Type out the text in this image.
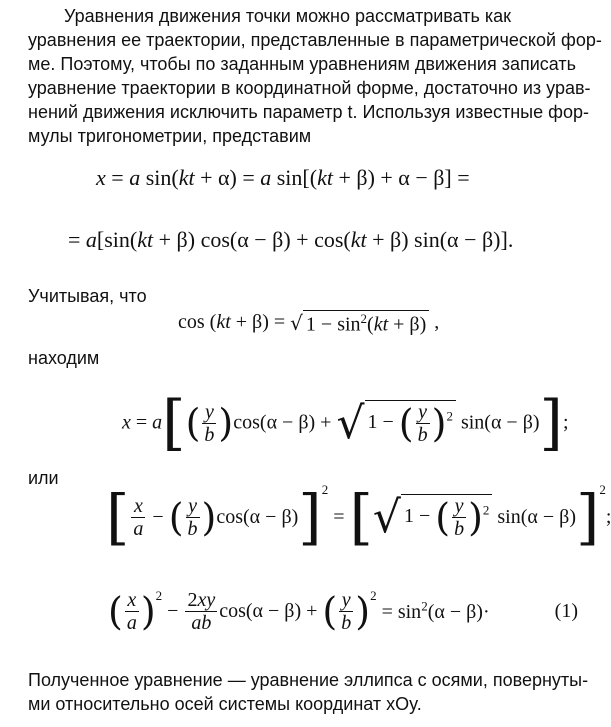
Уравнения движения точки можно рассматривать как
уравнения ее траектории, представленные в параметрической фор-
ме. Поэтому, чтобы по заданным уравнениям движения записать
уравнение траектории в координатной форме, достаточно из урав-
нений движения исключить параметр t. Используя известные фор-
мулы тригонометрии, представим
x = a sin(kt + α) = a sin[(kt + β) + α − β] =
= a[sin(kt + β) cos(α − β) + cos(kt + β) sin(α − β)].
Учитывая, что
cos (kt + β) = √ $1 - \sin^2(kt + \beta)$ ,
находим
$x = a[( \frac{y}{b} )\cos(\alpha - \beta)$ + √ 1 − ( $\frac{y}{b} )^2$ sin(α − β)];
или
[ $\frac{x}{a}$ − ( $\frac{y}{b} )\cos(\alpha - \beta)]^2$ = [√ 1 − ( $\frac{y}{b} )^2$ sin(α − β)]$^2$;
( $\frac{x}{a} )^2 - \frac{2xy}{ab} \cos(\alpha - \beta)$ + ( $\frac{y}{b} )^2 = \sin^2(\alpha - \beta)\cdot$	(1)
Полученное уравнение — уравнение эллипса с осями, повернуты-
ми относительно осей системы координат xOy.
